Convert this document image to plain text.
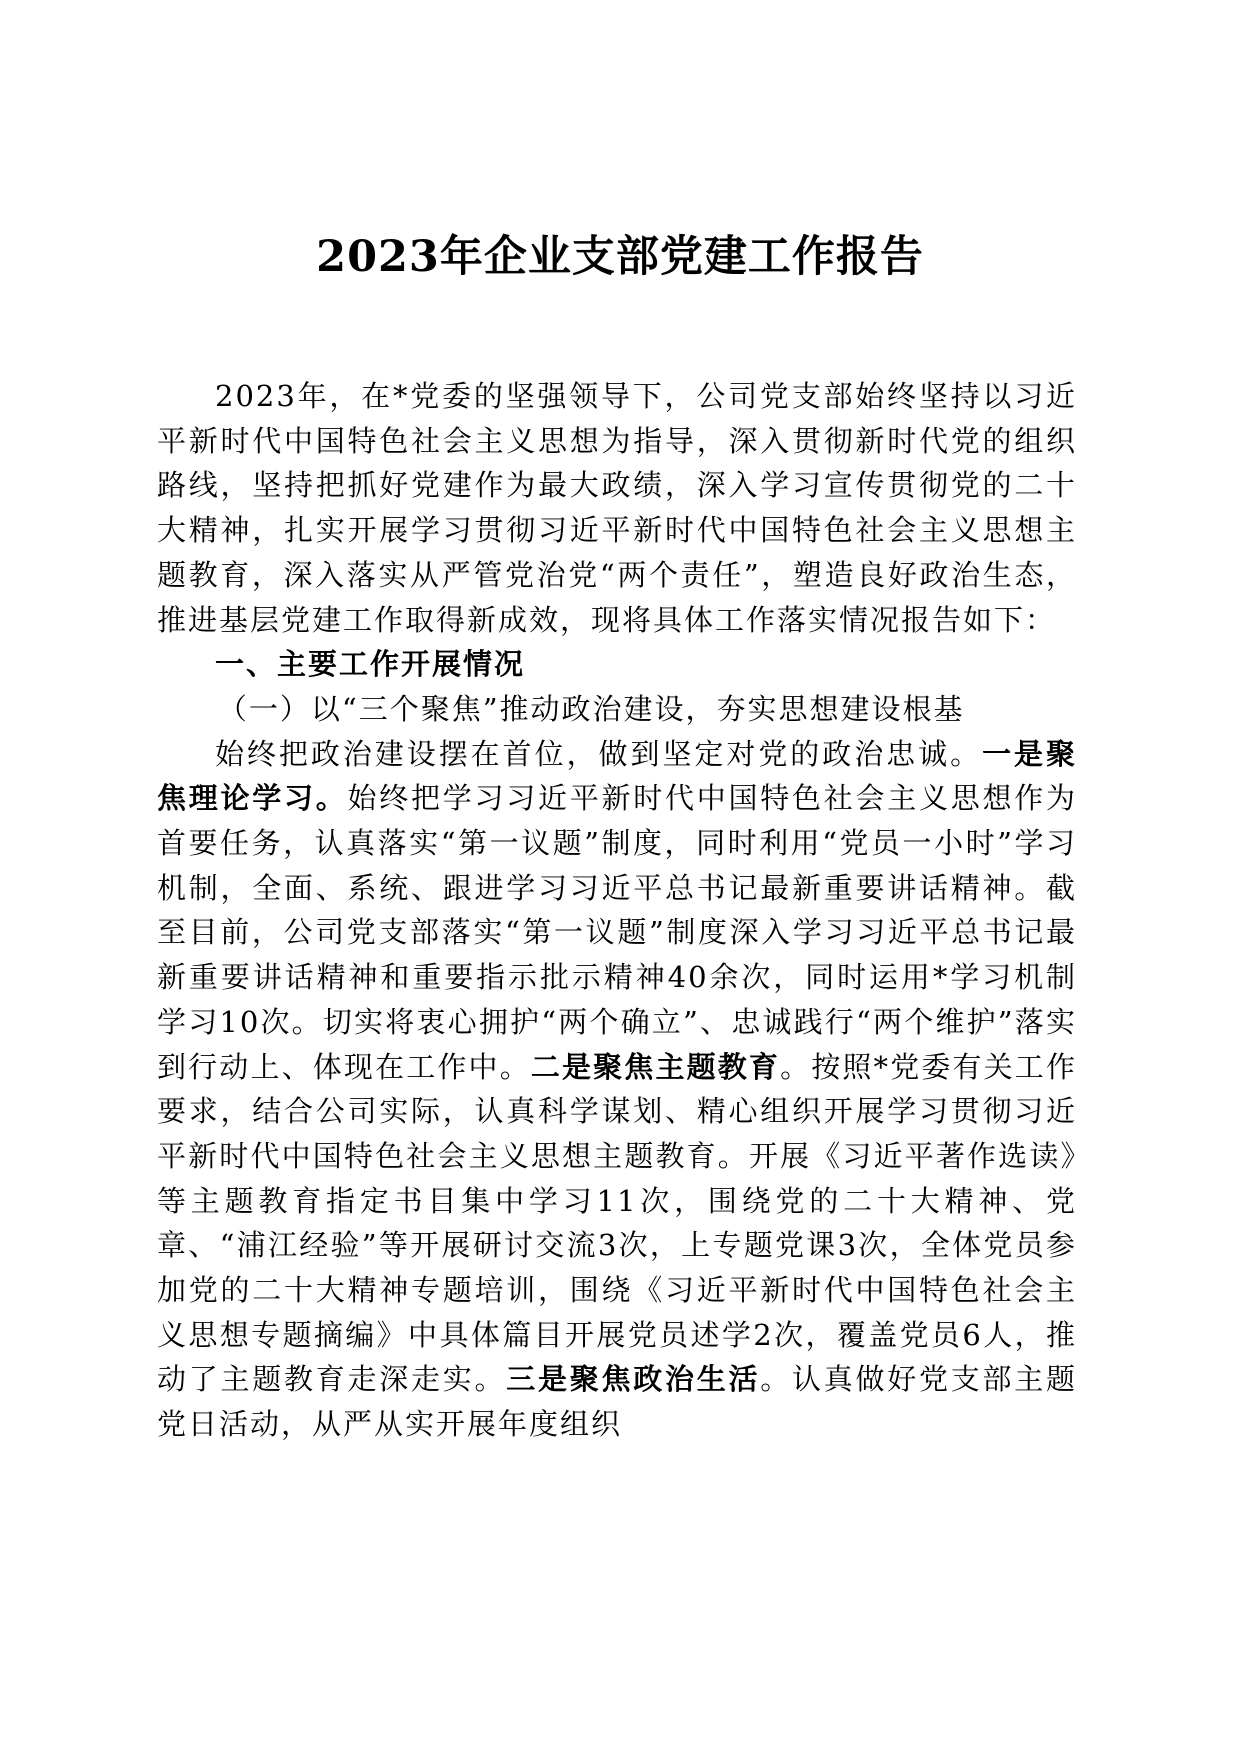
2023年企业支部党建工作报告

2023年，在*党委的坚强领导下，公司党支部始终坚持以习近平新时代中国特色社会主义思想为指导，深入贯彻新时代党的组织路线，坚持把抓好党建作为最大政绩，深入学习宣传贯彻党的二十大精神，扎实开展学习贯彻习近平新时代中国特色社会主义思想主题教育，深入落实从严管党治党“两个责任”，塑造良好政治生态，推进基层党建工作取得新成效，现将具体工作落实情况报告如下：

一、主要工作开展情况

（一）以“三个聚焦”推动政治建设，夯实思想建设根基

始终把政治建设摆在首位，做到坚定对党的政治忠诚。一是聚焦理论学习。始终把学习习近平新时代中国特色社会主义思想作为首要任务，认真落实“第一议题”制度，同时利用“党员一小时”学习机制，全面、系统、跟进学习习近平总书记最新重要讲话精神。截至目前，公司党支部落实“第一议题”制度深入学习习近平总书记最新重要讲话精神和重要指示批示精神40余次，同时运用*学习机制学习10次。切实将衷心拥护“两个确立”、忠诚践行“两个维护”落实到行动上、体现在工作中。二是聚焦主题教育。按照*党委有关工作要求，结合公司实际，认真科学谋划、精心组织开展学习贯彻习近平新时代中国特色社会主义思想主题教育。开展《习近平著作选读》等主题教育指定书目集中学习11次，围绕党的二十大精神、党章、“浦江经验”等开展研讨交流3次，上专题党课3次，全体党员参加党的二十大精神专题培训，围绕《习近平新时代中国特色社会主义思想专题摘编》中具体篇目开展党员述学2次，覆盖党员6人，推动了主题教育走深走实。三是聚焦政治生活。认真做好党支部主题党日活动，从严从实开展年度组织
